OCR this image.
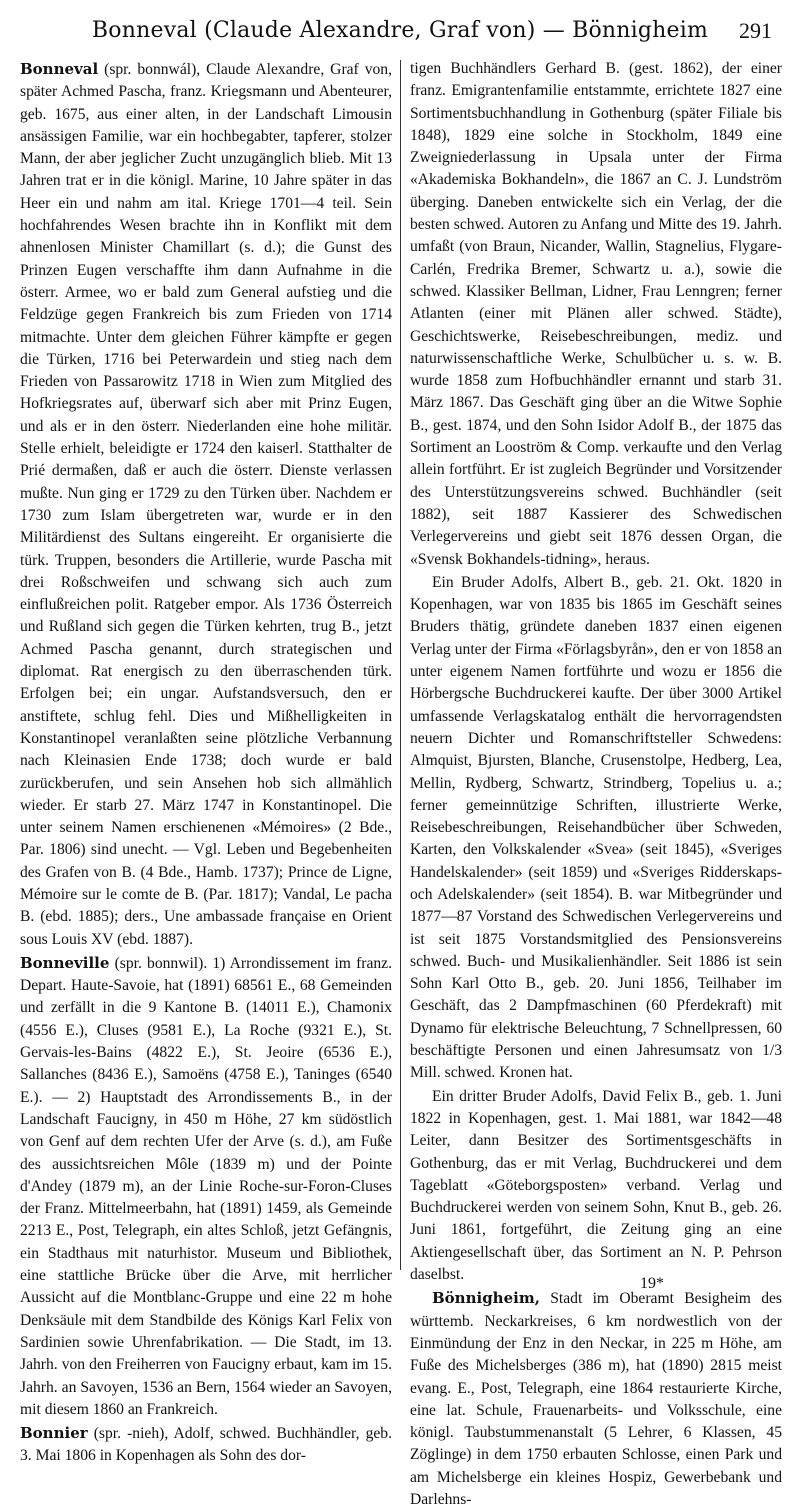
Bonneval (Claude Alexandre, Graf von) — Bönnigheim	291

Bonneval (spr. bonnwál), Claude Alexandre, Graf von, später Achmed Pascha, franz. Kriegsmann und Abenteurer, geb. 1675, aus einer alten, in der Landschaft Limousin ansässigen Familie, war ein hochbegabter, tapferer, stolzer Mann, der aber jeglicher Zucht unzugänglich blieb. Mit 13 Jahren trat er in die königl. Marine, 10 Jahre später in das Heer ein und nahm am ital. Kriege 1701—4 teil. Sein hochfahrendes Wesen brachte ihn in Konflikt mit dem ahnenlosen Minister Chamillart (s. d.); die Gunst des Prinzen Eugen verschaffte ihm dann Aufnahme in die österr. Armee, wo er bald zum General aufstieg und die Feldzüge gegen Frankreich bis zum Frieden von 1714 mitmachte. Unter dem gleichen Führer kämpfte er gegen die Türken, 1716 bei Peterwardein und stieg nach dem Frieden von Passarowitz 1718 in Wien zum Mitglied des Hofkriegsrates auf, überwarf sich aber mit Prinz Eugen, und als er in den österr. Niederlanden eine hohe militär. Stelle erhielt, beleidigte er 1724 den kaiserl. Statthalter de Prié dermaßen, daß er auch die österr. Dienste verlassen mußte. Nun ging er 1729 zu den Türken über. Nachdem er 1730 zum Islam übergetreten war, wurde er in den Militärdienst des Sultans eingereiht. Er organisierte die türk. Truppen, besonders die Artillerie, wurde Pascha mit drei Roßschweifen und schwang sich auch zum einflußreichen polit. Ratgeber empor. Als 1736 Österreich und Rußland sich gegen die Türken kehrten, trug B., jetzt Achmed Pascha genannt, durch strategischen und diplomat. Rat energisch zu den überraschenden türk. Erfolgen bei; ein ungar. Aufstandsversuch, den er anstiftete, schlug fehl. Dies und Mißhelligkeiten in Konstantinopel veranlaßten seine plötzliche Verbannung nach Kleinasien Ende 1738; doch wurde er bald zurückberufen, und sein Ansehen hob sich allmählich wieder. Er starb 27. März 1747 in Konstantinopel. Die unter seinem Namen erschienenen «Mémoires» (2 Bde., Par. 1806) sind unecht. — Vgl. Leben und Begebenheiten des Grafen von B. (4 Bde., Hamb. 1737); Prince de Ligne, Mémoire sur le comte de B. (Par. 1817); Vandal, Le pacha B. (ebd. 1885); ders., Une ambassade française en Orient sous Louis XV (ebd. 1887).

Bonneville (spr. bonnwil). 1) Arrondissement im franz. Depart. Haute-Savoie, hat (1891) 68561 E., 68 Gemeinden und zerfällt in die 9 Kantone B. (14011 E.), Chamonix (4556 E.), Cluses (9581 E.), La Roche (9321 E.), St. Gervais-les-Bains (4822 E.), St. Jeoire (6536 E.), Sallanches (8436 E.), Samoëns (4758 E.), Taninges (6540 E.). — 2) Hauptstadt des Arrondissements B., in der Landschaft Faucigny, in 450 m Höhe, 27 km südöstlich von Genf auf dem rechten Ufer der Arve (s. d.), am Fuße des aussichtsreichen Môle (1839 m) und der Pointe d'Andey (1879 m), an der Linie Roche-sur-Foron-Cluses der Franz. Mittelmeerbahn, hat (1891) 1459, als Gemeinde 2213 E., Post, Telegraph, ein altes Schloß, jetzt Gefängnis, ein Stadthaus mit naturhistor. Museum und Bibliothek, eine stattliche Brücke über die Arve, mit herrlicher Aussicht auf die Montblanc-Gruppe und eine 22 m hohe Denksäule mit dem Standbilde des Königs Karl Felix von Sardinien sowie Uhrenfabrikation. — Die Stadt, im 13. Jahrh. von den Freiherren von Faucigny erbaut, kam im 15. Jahrh. an Savoyen, 1536 an Bern, 1564 wieder an Savoyen, mit diesem 1860 an Frankreich.

Bonnier (spr. -nieh), Adolf, schwed. Buchhändler, geb. 3. Mai 1806 in Kopenhagen als Sohn des dor-

tigen Buchhändlers Gerhard B. (gest. 1862), der einer franz. Emigrantenfamilie entstammte, errichtete 1827 eine Sortimentsbuchhandlung in Gothenburg (später Filiale bis 1848), 1829 eine solche in Stockholm, 1849 eine Zweigniederlassung in Upsala unter der Firma «Akademiska Bokhandeln», die 1867 an C. J. Lundström überging. Daneben entwickelte sich ein Verlag, der die besten schwed. Autoren zu Anfang und Mitte des 19. Jahrh. umfaßt (von Braun, Nicander, Wallin, Stagnelius, Flygare-Carlén, Fredrika Bremer, Schwartz u. a.), sowie die schwed. Klassiker Bellman, Lidner, Frau Lenngren; ferner Atlanten (einer mit Plänen aller schwed. Städte), Geschichtswerke, Reisebeschreibungen, mediz. und naturwissenschaftliche Werke, Schulbücher u. s. w. B. wurde 1858 zum Hofbuchhändler ernannt und starb 31. März 1867. Das Geschäft ging über an die Witwe Sophie B., gest. 1874, und den Sohn Isidor Adolf B., der 1875 das Sortiment an Looström & Comp. verkaufte und den Verlag allein fortführt. Er ist zugleich Begründer und Vorsitzender des Unterstützungsvereins schwed. Buchhändler (seit 1882), seit 1887 Kassierer des Schwedischen Verlegervereins und giebt seit 1876 dessen Organ, die «Svensk Bokhandels-tidning», heraus.

Ein Bruder Adolfs, Albert B., geb. 21. Okt. 1820 in Kopenhagen, war von 1835 bis 1865 im Geschäft seines Bruders thätig, gründete daneben 1837 einen eigenen Verlag unter der Firma «Förlagsbyrån», den er von 1858 an unter eigenem Namen fortführte und wozu er 1856 die Hörbergsche Buchdruckerei kaufte. Der über 3000 Artikel umfassende Verlagskatalog enthält die hervorragendsten neuern Dichter und Romanschriftsteller Schwedens: Almquist, Bjursten, Blanche, Crusenstolpe, Hedberg, Lea, Mellin, Rydberg, Schwartz, Strindberg, Topelius u. a.; ferner gemeinnützige Schriften, illustrierte Werke, Reisebeschreibungen, Reisehandbücher über Schweden, Karten, den Volkskalender «Svea» (seit 1845), «Sveriges Handelskalender» (seit 1859) und «Sveriges Ridderskaps- och Adelskalender» (seit 1854). B. war Mitbegründer und 1877—87 Vorstand des Schwedischen Verlegervereins und ist seit 1875 Vorstandsmitglied des Pensionsvereins schwed. Buch- und Musikalienhändler. Seit 1886 ist sein Sohn Karl Otto B., geb. 20. Juni 1856, Teilhaber im Geschäft, das 2 Dampfmaschinen (60 Pferdekraft) mit Dynamo für elektrische Beleuchtung, 7 Schnellpressen, 60 beschäftigte Personen und einen Jahresumsatz von 1/3 Mill. schwed. Kronen hat.

Ein dritter Bruder Adolfs, David Felix B., geb. 1. Juni 1822 in Kopenhagen, gest. 1. Mai 1881, war 1842—48 Leiter, dann Besitzer des Sortimentsgeschäfts in Gothenburg, das er mit Verlag, Buchdruckerei und dem Tageblatt «Göteborgsposten» verband. Verlag und Buchdruckerei werden von seinem Sohn, Knut B., geb. 26. Juni 1861, fortgeführt, die Zeitung ging an eine Aktiengesellschaft über, das Sortiment an N. P. Pehrson daselbst.

Bönnigheim, Stadt im Oberamt Besigheim des württemb. Neckarkreises, 6 km nordwestlich von der Einmündung der Enz in den Neckar, in 225 m Höhe, am Fuße des Michelsberges (386 m), hat (1890) 2815 meist evang. E., Post, Telegraph, eine 1864 restaurierte Kirche, eine lat. Schule, Frauenarbeits- und Volksschule, eine königl. Taubstummenanstalt (5 Lehrer, 6 Klassen, 45 Zöglinge) in dem 1750 erbauten Schlosse, einen Park und am Michelsberge ein kleines Hospiz, Gewerbebank und Darlehns-

19*
